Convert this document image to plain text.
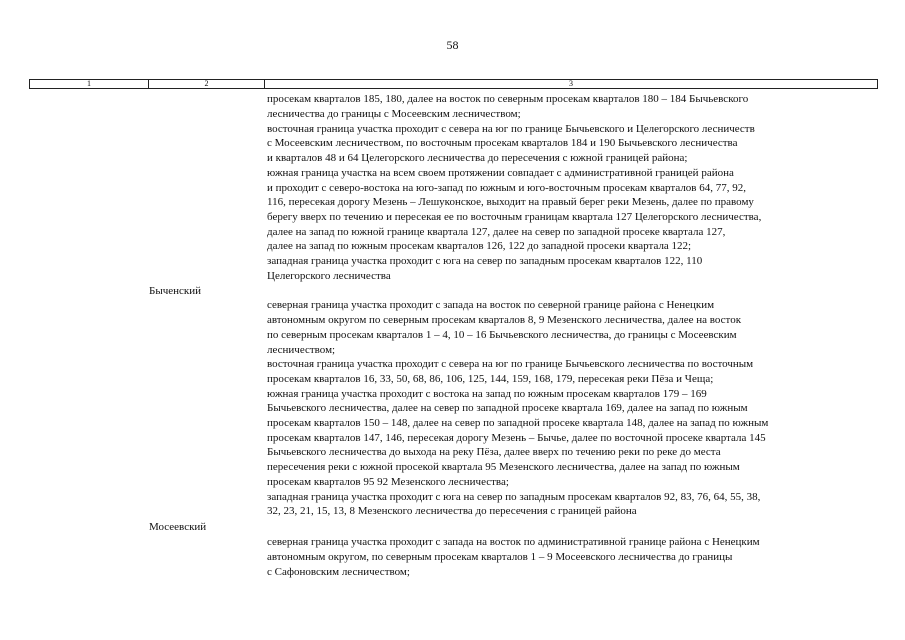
58
1	2	3
просекам кварталов 185, 180, далее на восток по северным просекам кварталов 180 – 184 Бычьевского
лесничества до границы с Мосеевским лесничеством;
восточная граница участка проходит с севера на юг по границе Бычьевского и Целегорского лесничеств
с Мосеевским лесничеством, по восточным просекам кварталов 184 и 190 Бычьевского лесничества
и кварталов 48 и 64 Целегорского лесничества до пересечения с южной границей района;
южная граница участка на всем своем протяжении совпадает с административной границей района
и проходит с северо-востока на юго-запад по южным и юго-восточным просекам кварталов 64, 77, 92,
116, пересекая дорогу Мезень – Лешуконское, выходит на правый берег реки Мезень, далее по правому
берегу вверх по течению и пересекая ее по восточным границам квартала 127 Целегорского лесничества,
далее на запад по южной границе квартала 127, далее на север по западной просеке квартала 127,
далее на запад по южным просекам кварталов 126, 122 до западной просеки квартала 122;
западная граница участка проходит с юга на север по западным просекам кварталов 122, 110
Целегорского лесничества
Быченский
северная граница участка проходит с запада на восток по северной границе района с Ненецким
автономным округом по северным просекам кварталов 8, 9 Мезенского лесничества, далее на восток
по северным просекам кварталов 1 – 4, 10 – 16 Бычьевского лесничества, до границы с Мосеевским
лесничеством;
восточная граница участка проходит с севера на юг по границе Бычьевского лесничества по восточным
просекам кварталов 16, 33, 50, 68, 86, 106, 125, 144, 159, 168, 179, пересекая реки Пёза и Чеща;
южная граница участка проходит с востока на запад по южным просекам кварталов 179 – 169
Бычьевского лесничества, далее на север по западной просеке квартала 169, далее на запад по южным
просекам кварталов 150 – 148, далее на север по западной просеке квартала 148, далее на запад по южным
просекам кварталов 147, 146, пересекая дорогу Мезень – Бычье, далее по восточной просеке квартала 145
Бычьевского лесничества до выхода на реку Пёза, далее вверх по течению реки по реке до места
пересечения реки с южной просекой квартала 95 Мезенского лесничества, далее на запад по южным
просекам кварталов 95 92 Мезенского лесничества;
западная граница участка проходит с юга на север по западным просекам кварталов 92, 83, 76, 64, 55, 38,
32, 23, 21, 15, 13, 8 Мезенского лесничества до пересечения с границей района
Мосеевский
северная граница участка проходит с запада на восток по административной границе района с Ненецким
автономным округом, по северным просекам кварталов 1 – 9 Мосеевского лесничества до границы
с Сафоновским лесничеством;
